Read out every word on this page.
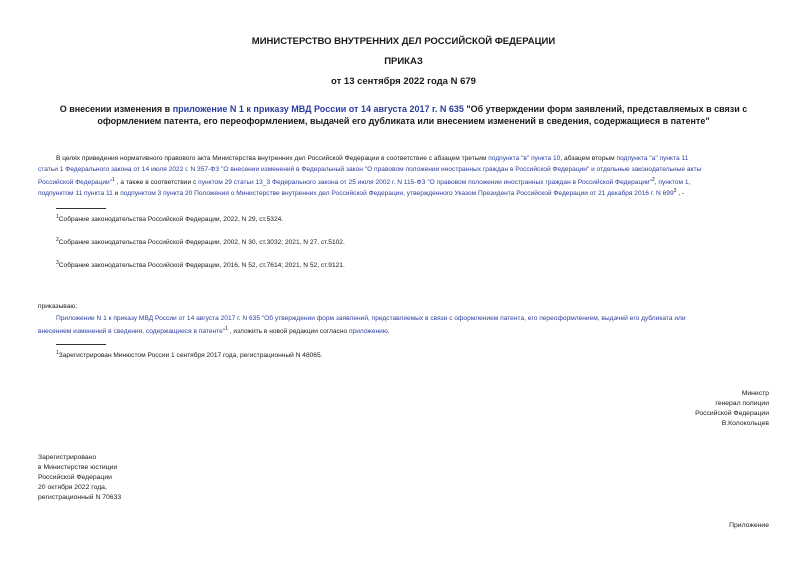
МИНИСТЕРСТВО ВНУТРЕННИХ ДЕЛ РОССИЙСКОЙ ФЕДЕРАЦИИ
ПРИКАЗ
от 13 сентября 2022 года N 679
О внесении изменения в приложение N 1 к приказу МВД России от 14 августа 2017 г. N 635 "Об утверждении форм заявлений, представляемых в связи с
оформлением патента, его переоформлением, выдачей его дубликата или внесением изменений в сведения, содержащиеся в патенте"
В целях приведения нормативного правового акта Министерства внутренних дел Российской Федерации в соответствие с абзацем третьим подпункта "в" пункта 10, абзацем вторым подпункта "а" пункта 11
статьи 1 Федерального закона от 14 июля 2022 г. N 357-ФЗ "О внесении изменений в Федеральный закон "О правовом положении иностранных граждан в Российской Федерации" и отдельные законодательные акты
Российской Федерации"$^1$ , а также в соответствии с пунктом 29 статьи 13_3 Федерального закона от 25 июля 2002 г. N 115-ФЗ "О правовом положении иностранных граждан в Российской Федерации"$^2$, пунктом 1,
подпунктом 11 пункта 11 и подпунктом 3 пункта 20 Положения о Министерстве внутренних дел Российской Федерации, утвержденного Указом Президента Российской Федерации от 21 декабря 2016 г. N $699^3$ , -
$^1$Собрание законодательства Российской Федерации, 2022, N 29, ст.5324.
$^2$Собрание законодательства Российской Федерации, 2002, N 30, ст.3032; 2021, N 27, ст.5102.
$^3$Собрание законодательства Российской Федерации, 2016, N 52, ст.7614; 2021, N 52, ст.9121.
приказываю:
Приложение N 1 к приказу МВД России от 14 августа 2017 г. N 635 "Об утверждении форм заявлений, представляемых в связи с оформлением патента, его переоформлением, выдачей его дубликата или
внесением изменений в сведения, содержащиеся в патенте"$^1$ , изложить в новой редакции согласно приложению.
$^1$Зарегистрирован Минюстом России 1 сентября 2017 года, регистрационный N 48065.
Министр
генерал полиции
Российской Федерации
В.Колокольцев
Зарегистрировано
в Министерстве юстиции
Российской Федерации
20 октября 2022 года,
регистрационный N 70633
Приложение
